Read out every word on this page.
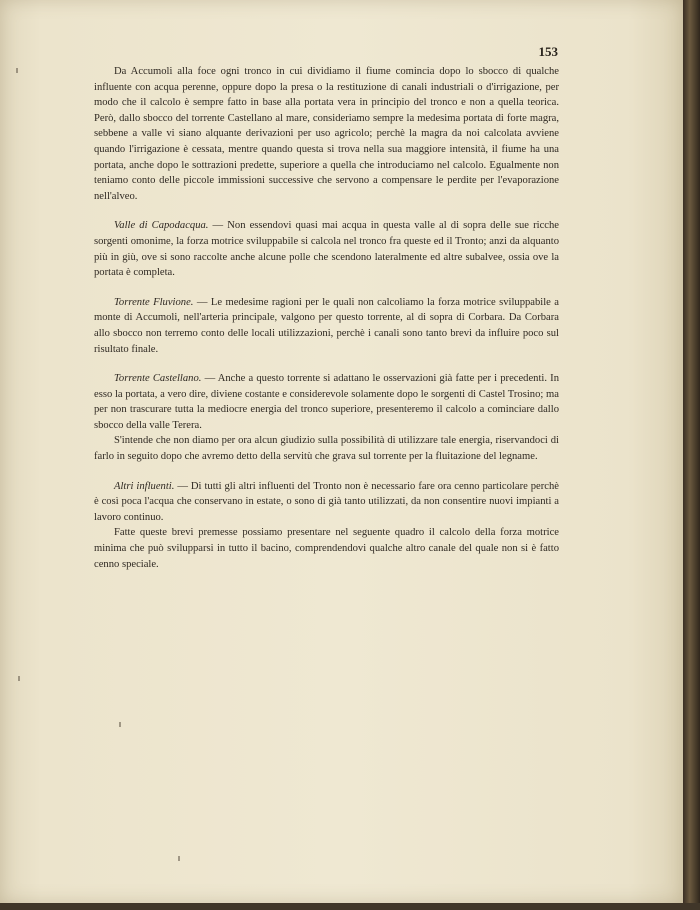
153

Da Accumoli alla foce ogni tronco in cui dividiamo il fiume comincia dopo lo sbocco di qualche influente con acqua perenne, oppure dopo la presa o la restituzione di canali industriali o d'irrigazione, per modo che il calcolo è sempre fatto in base alla portata vera in principio del tronco e non a quella teorica. Però, dallo sbocco del torrente Castellano al mare, consideriamo sempre la medesima portata di forte magra, sebbene a valle vi siano alquante derivazioni per uso agricolo; perchè la magra da noi calcolata avviene quando l'irrigazione è cessata, mentre quando questa si trova nella sua maggiore intensità, il fiume ha una portata, anche dopo le sottrazioni predette, superiore a quella che introduciamo nel calcolo. Egualmente non teniamo conto delle piccole immissioni successive che servono a compensare le perdite per l'evaporazione nell'alveo.

Valle di Capodacqua. — Non essendovi quasi mai acqua in questa valle al di sopra delle sue ricche sorgenti omonime, la forza motrice sviluppabile si calcola nel tronco fra queste ed il Tronto; anzi da alquanto più in giù, ove si sono raccolte anche alcune polle che scendono lateralmente ed altre subalvee, ossia ove la portata è completa.

Torrente Fluvione. — Le medesime ragioni per le quali non calcoliamo la forza motrice sviluppabile a monte di Accumoli, nell'arteria principale, valgono per questo torrente, al di sopra di Corbara. Da Corbara allo sbocco non terremo conto delle locali utilizzazioni, perchè i canali sono tanto brevi da influire poco sul risultato finale.

Torrente Castellano. — Anche a questo torrente si adattano le osservazioni già fatte per i precedenti. In esso la portata, a vero dire, diviene costante e considerevole solamente dopo le sorgenti di Castel Trosino; ma per non trascurare tutta la mediocre energia del tronco superiore, presenteremo il calcolo a cominciare dallo sbocco della valle Terera.

S'intende che non diamo per ora alcun giudizio sulla possibilità di utilizzare tale energia, riservandoci di farlo in seguito dopo che avremo detto della servitù che grava sul torrente per la fluitazione del legname.

Altri influenti. — Di tutti gli altri influenti del Tronto non è necessario fare ora cenno particolare perchè è così poca l'acqua che conservano in estate, o sono di già tanto utilizzati, da non consentire nuovi impianti a lavoro continuo.

Fatte queste brevi premesse possiamo presentare nel seguente quadro il calcolo della forza motrice minima che può svilupparsi in tutto il bacino, comprendendovi qualche altro canale del quale non si è fatto cenno speciale.
